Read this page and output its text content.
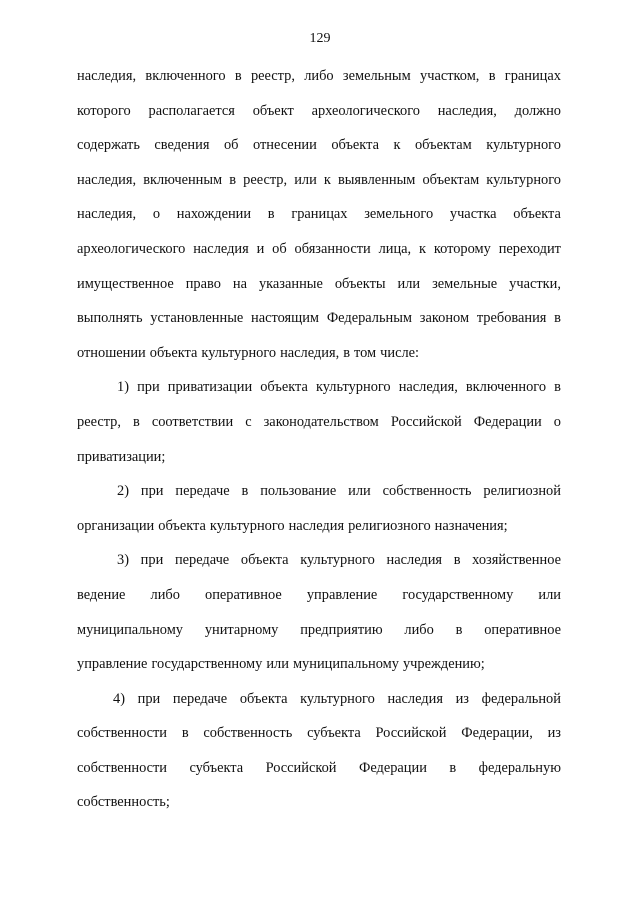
129
наследия, включенного в реестр, либо земельным участком, в границах
которого располагается объект археологического наследия, должно
содержать сведения об отнесении объекта к объектам культурного
наследия, включенным в реестр, или к выявленным объектам культурного
наследия, о нахождении в границах земельного участка объекта
археологического наследия и об обязанности лица, к которому переходит
имущественное право на указанные объекты или земельные участки,
выполнять установленные настоящим Федеральным законом требования в
отношении объекта культурного наследия, в том числе:
1) при приватизации объекта культурного наследия, включенного в
реестр, в соответствии с законодательством Российской Федерации о
приватизации;
2) при передаче в пользование или собственность религиозной
организации объекта культурного наследия религиозного назначения;
3) при передаче объекта культурного наследия в хозяйственное
ведение либо оперативное управление государственному или
муниципальному унитарному предприятию либо в оперативное
управление государственному или муниципальному учреждению;
4) при передаче объекта культурного наследия из федеральной
собственности в собственность субъекта Российской Федерации, из
собственности субъекта Российской Федерации в федеральную
собственность;
